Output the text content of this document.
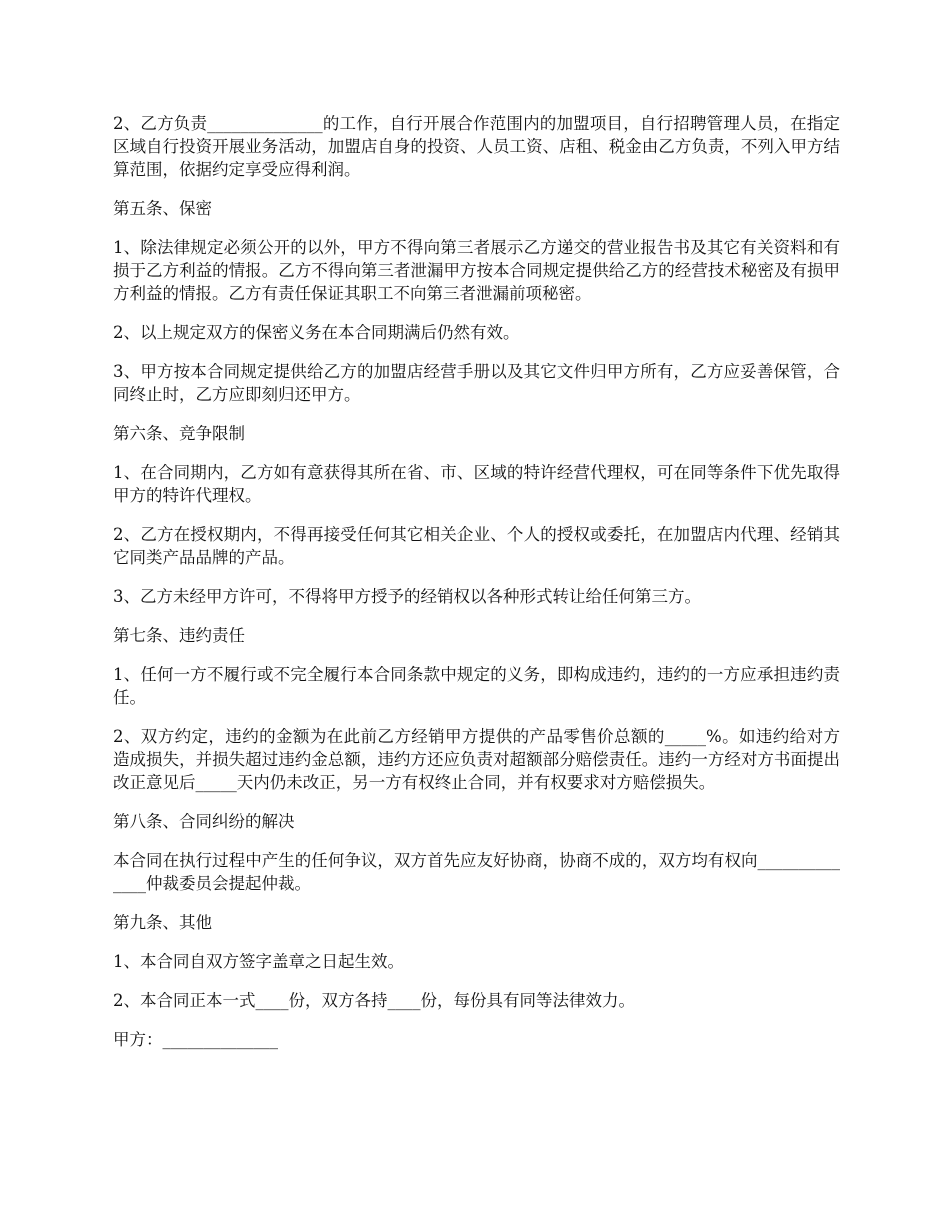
2、乙方负责______________的工作，自行开展合作范围内的加盟项目，自行招聘管理人员，在指定区域自行投资开展业务活动，加盟店自身的投资、人员工资、店租、税金由乙方负责，不列入甲方结算范围，依据约定享受应得利润。

第五条、保密

1、除法律规定必须公开的以外，甲方不得向第三者展示乙方递交的营业报告书及其它有关资料和有损于乙方利益的情报。乙方不得向第三者泄漏甲方按本合同规定提供给乙方的经营技术秘密及有损甲方利益的情报。乙方有责任保证其职工不向第三者泄漏前项秘密。

2、以上规定双方的保密义务在本合同期满后仍然有效。

3、甲方按本合同规定提供给乙方的加盟店经营手册以及其它文件归甲方所有，乙方应妥善保管，合同终止时，乙方应即刻归还甲方。

第六条、竞争限制

1、在合同期内，乙方如有意获得其所在省、市、区域的特许经营代理权，可在同等条件下优先取得甲方的特许代理权。

2、乙方在授权期内，不得再接受任何其它相关企业、个人的授权或委托，在加盟店内代理、经销其它同类产品品牌的产品。

3、乙方未经甲方许可，不得将甲方授予的经销权以各种形式转让给任何第三方。

第七条、违约责任

1、任何一方不履行或不完全履行本合同条款中规定的义务，即构成违约，违约的一方应承担违约责任。

2、双方约定，违约的金额为在此前乙方经销甲方提供的产品零售价总额的_____%。如违约给对方造成损失，并损失超过违约金总额，违约方还应负责对超额部分赔偿责任。违约一方经对方书面提出改正意见后_____天内仍未改正，另一方有权终止合同，并有权要求对方赔偿损失。

第八条、合同纠纷的解决

本合同在执行过程中产生的任何争议，双方首先应友好协商，协商不成的，双方均有权向______________仲裁委员会提起仲裁。

第九条、其他

1、本合同自双方签字盖章之日起生效。

2、本合同正本一式____份，双方各持____份，每份具有同等法律效力。

甲方：______________
